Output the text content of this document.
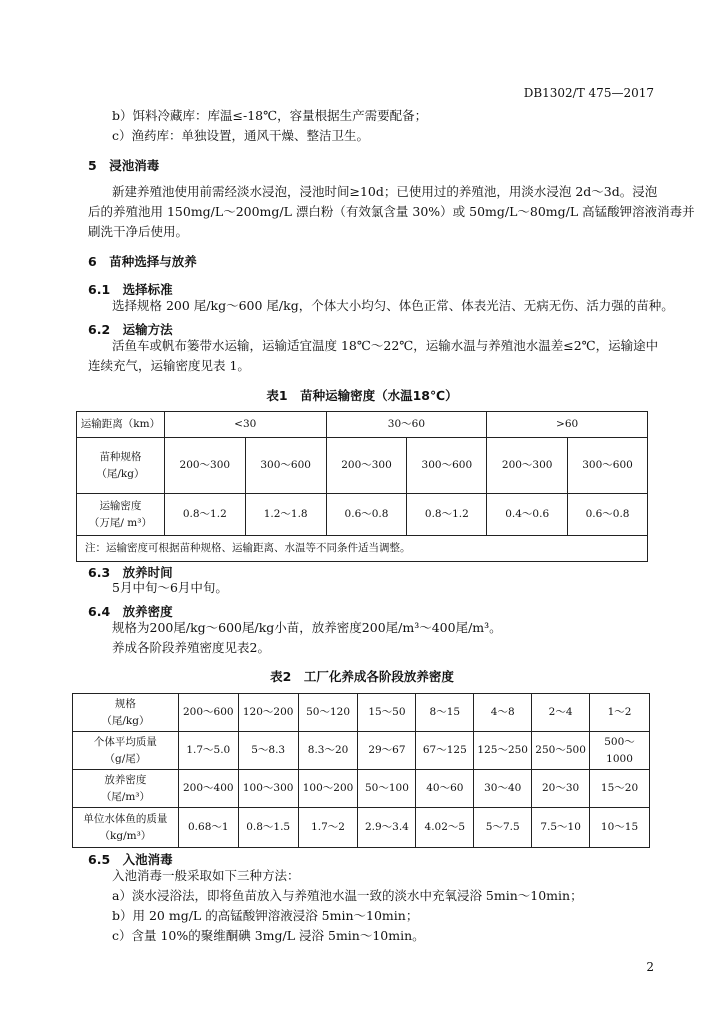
DB1302/T 475—2017
b）饵料冷藏库：库温≤-18℃，容量根据生产需要配备；
c）渔药库：单独设置，通风干燥、整洁卫生。
5　浸池消毒
新建养殖池使用前需经淡水浸泡，浸池时间≥10d；已使用过的养殖池，用淡水浸泡 2d～3d。浸泡
后的养殖池用 150mg/L～200mg/L 漂白粉（有效氯含量 30%）或 50mg/L～80mg/L 高锰酸钾溶液消毒并
刷洗干净后使用。
6　苗种选择与放养
6.1　选择标准
选择规格 200 尾/kg～600 尾/kg，个体大小均匀、体色正常、体表光洁、无病无伤、活力强的苗种。
6.2　运输方法
活鱼车或帆布篓带水运输，运输适宜温度 18℃～22℃，运输水温与养殖池水温差≤2℃，运输途中
连续充气，运输密度见表 1。
表1　苗种运输密度（水温18℃）
运输距离（km）	<30		30～60		>60	
苗种规格
（尾/kg）	200～300	300～600	200～300	300～600	200～300	300～600
运输密度
（万尾/ m³）	0.8～1.2	1.2～1.8	0.6～0.8	0.8～1.2	0.4～0.6	0.6～0.8
注：运输密度可根据苗种规格、运输距离、水温等不同条件适当调整。						
6.3　放养时间
5月中旬～6月中旬。
6.4　放养密度
规格为200尾/kg～600尾/kg小苗，放养密度200尾/m³～400尾/m³。
养成各阶段养殖密度见表2。
表2　工厂化养成各阶段放养密度
规格
（尾/kg）	200～600	120～200	50～120	15～50	8～15	4～8	2～4	1～2
个体平均质量
（g/尾）	1.7～5.0	5～8.3	8.3～20	29～67	67～125	125～250	250～500	500～
1000
放养密度
（尾/m³）	200～400	100～300	100～200	50～100	40～60	30～40	20～30	15～20
单位水体鱼的质量
（kg/m³）	0.68～1	0.8～1.5	1.7～2	2.9～3.4	4.02～5	5～7.5	7.5～10	10～15
6.5　入池消毒
入池消毒一般采取如下三种方法：
a）淡水浸浴法，即将鱼苗放入与养殖池水温一致的淡水中充氧浸浴 5min～10min；
b）用 20 mg/L 的高锰酸钾溶液浸浴 5min～10min；
c）含量 10%的聚维酮碘 3mg/L 浸浴 5min～10min。
2
